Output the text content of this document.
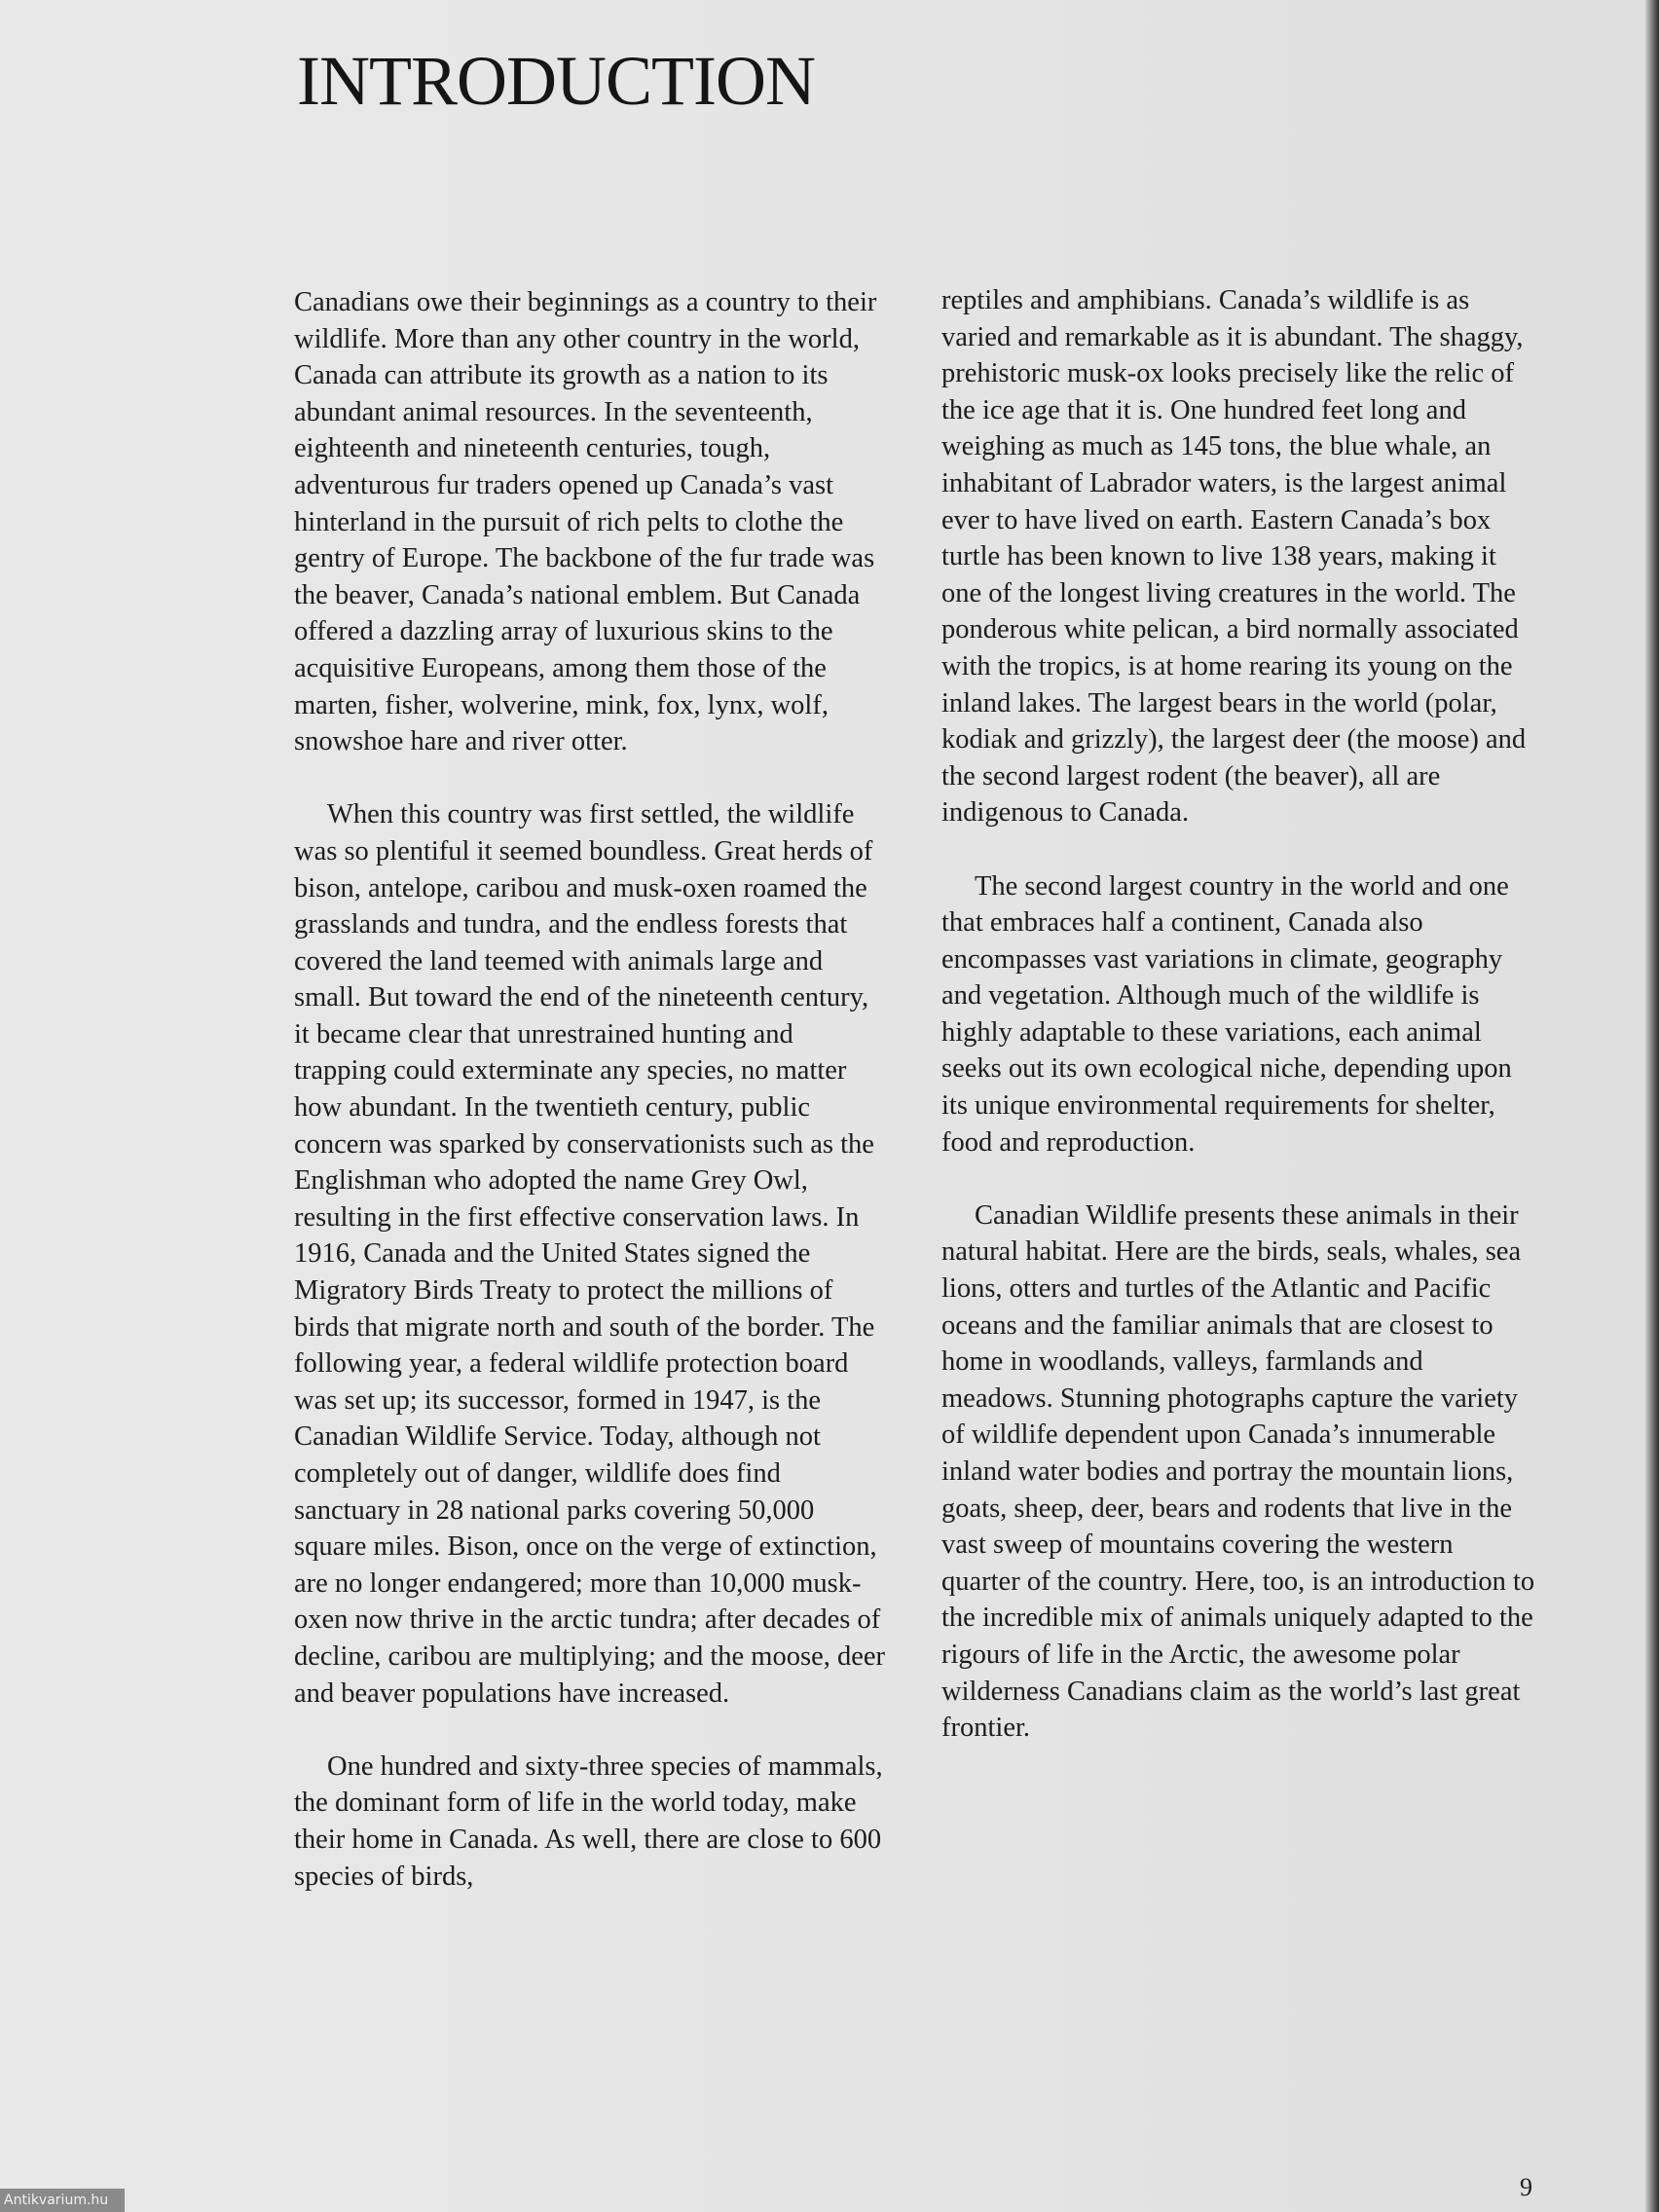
INTRODUCTION

Canadians owe their beginnings as a country to their wildlife. More than any other country in the world, Canada can attribute its growth as a nation to its abundant animal resources. In the seventeenth, eighteenth and nineteenth centuries, tough, adventurous fur traders opened up Canada’s vast hinterland in the pursuit of rich pelts to clothe the gentry of Europe. The backbone of the fur trade was the beaver, Canada’s national emblem. But Canada offered a dazzling array of luxurious skins to the acquisitive Europeans, among them those of the marten, fisher, wolverine, mink, fox, lynx, wolf, snowshoe hare and river otter.

When this country was first settled, the wildlife was so plentiful it seemed boundless. Great herds of bison, antelope, caribou and musk-oxen roamed the grasslands and tundra, and the endless forests that covered the land teemed with animals large and small. But toward the end of the nineteenth century, it became clear that unrestrained hunting and trapping could exterminate any species, no matter how abundant. In the twentieth century, public concern was sparked by conservationists such as the Englishman who adopted the name Grey Owl, resulting in the first effective conservation laws. In 1916, Canada and the United States signed the Migratory Birds Treaty to protect the millions of birds that migrate north and south of the border. The following year, a federal wildlife protection board was set up; its successor, formed in 1947, is the Canadian Wildlife Service. Today, although not completely out of danger, wildlife does find sanctuary in 28 national parks covering 50,000 square miles. Bison, once on the verge of extinction, are no longer endangered; more than 10,000 musk-oxen now thrive in the arctic tundra; after decades of decline, caribou are multiplying; and the moose, deer and beaver populations have increased.

One hundred and sixty-three species of mammals, the dominant form of life in the world today, make their home in Canada. As well, there are close to 600 species of birds,

reptiles and amphibians. Canada’s wildlife is as varied and remarkable as it is abundant. The shaggy, prehistoric musk-ox looks precisely like the relic of the ice age that it is. One hundred feet long and weighing as much as 145 tons, the blue whale, an inhabitant of Labrador waters, is the largest animal ever to have lived on earth. Eastern Canada’s box turtle has been known to live 138 years, making it one of the longest living creatures in the world. The ponderous white pelican, a bird normally associated with the tropics, is at home rearing its young on the inland lakes. The largest bears in the world (polar, kodiak and grizzly), the largest deer (the moose) and the second largest rodent (the beaver), all are indigenous to Canada.

The second largest country in the world and one that embraces half a continent, Canada also encompasses vast variations in climate, geography and vegetation. Although much of the wildlife is highly adaptable to these variations, each animal seeks out its own ecological niche, depending upon its unique environmental requirements for shelter, food and reproduction.

Canadian Wildlife presents these animals in their natural habitat. Here are the birds, seals, whales, sea lions, otters and turtles of the Atlantic and Pacific oceans and the familiar animals that are closest to home in woodlands, valleys, farmlands and meadows. Stunning photographs capture the variety of wildlife dependent upon Canada’s innumerable inland water bodies and portray the mountain lions, goats, sheep, deer, bears and rodents that live in the vast sweep of mountains covering the western quarter of the country. Here, too, is an introduction to the incredible mix of animals uniquely adapted to the rigours of life in the Arctic, the awesome polar wilderness Canadians claim as the world’s last great frontier.

9
Antikvarium.hu
